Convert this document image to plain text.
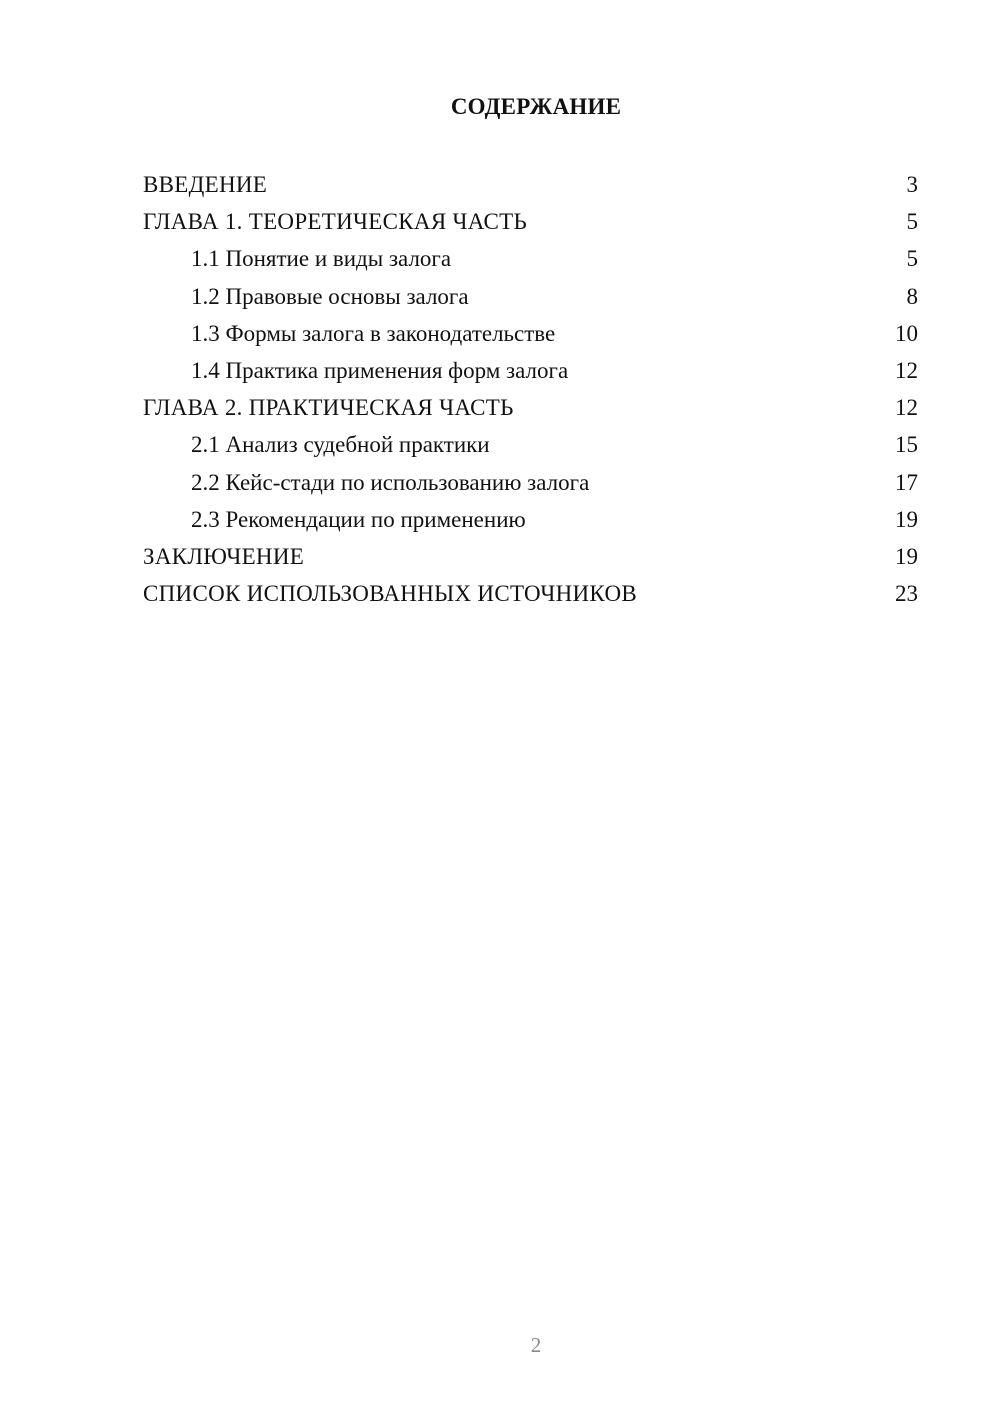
СОДЕРЖАНИЕ
ВВЕДЕНИЕ	3
ГЛАВА 1. ТЕОРЕТИЧЕСКАЯ ЧАСТЬ	5
1.1 Понятие и виды залога	5
1.2 Правовые основы залога	8
1.3 Формы залога в законодательстве	10
1.4 Практика применения форм залога	12
ГЛАВА 2. ПРАКТИЧЕСКАЯ ЧАСТЬ	12
2.1 Анализ судебной практики	15
2.2 Кейс-стади по использованию залога	17
2.3 Рекомендации по применению	19
ЗАКЛЮЧЕНИЕ	19
СПИСОК ИСПОЛЬЗОВАННЫХ ИСТОЧНИКОВ	23
2
